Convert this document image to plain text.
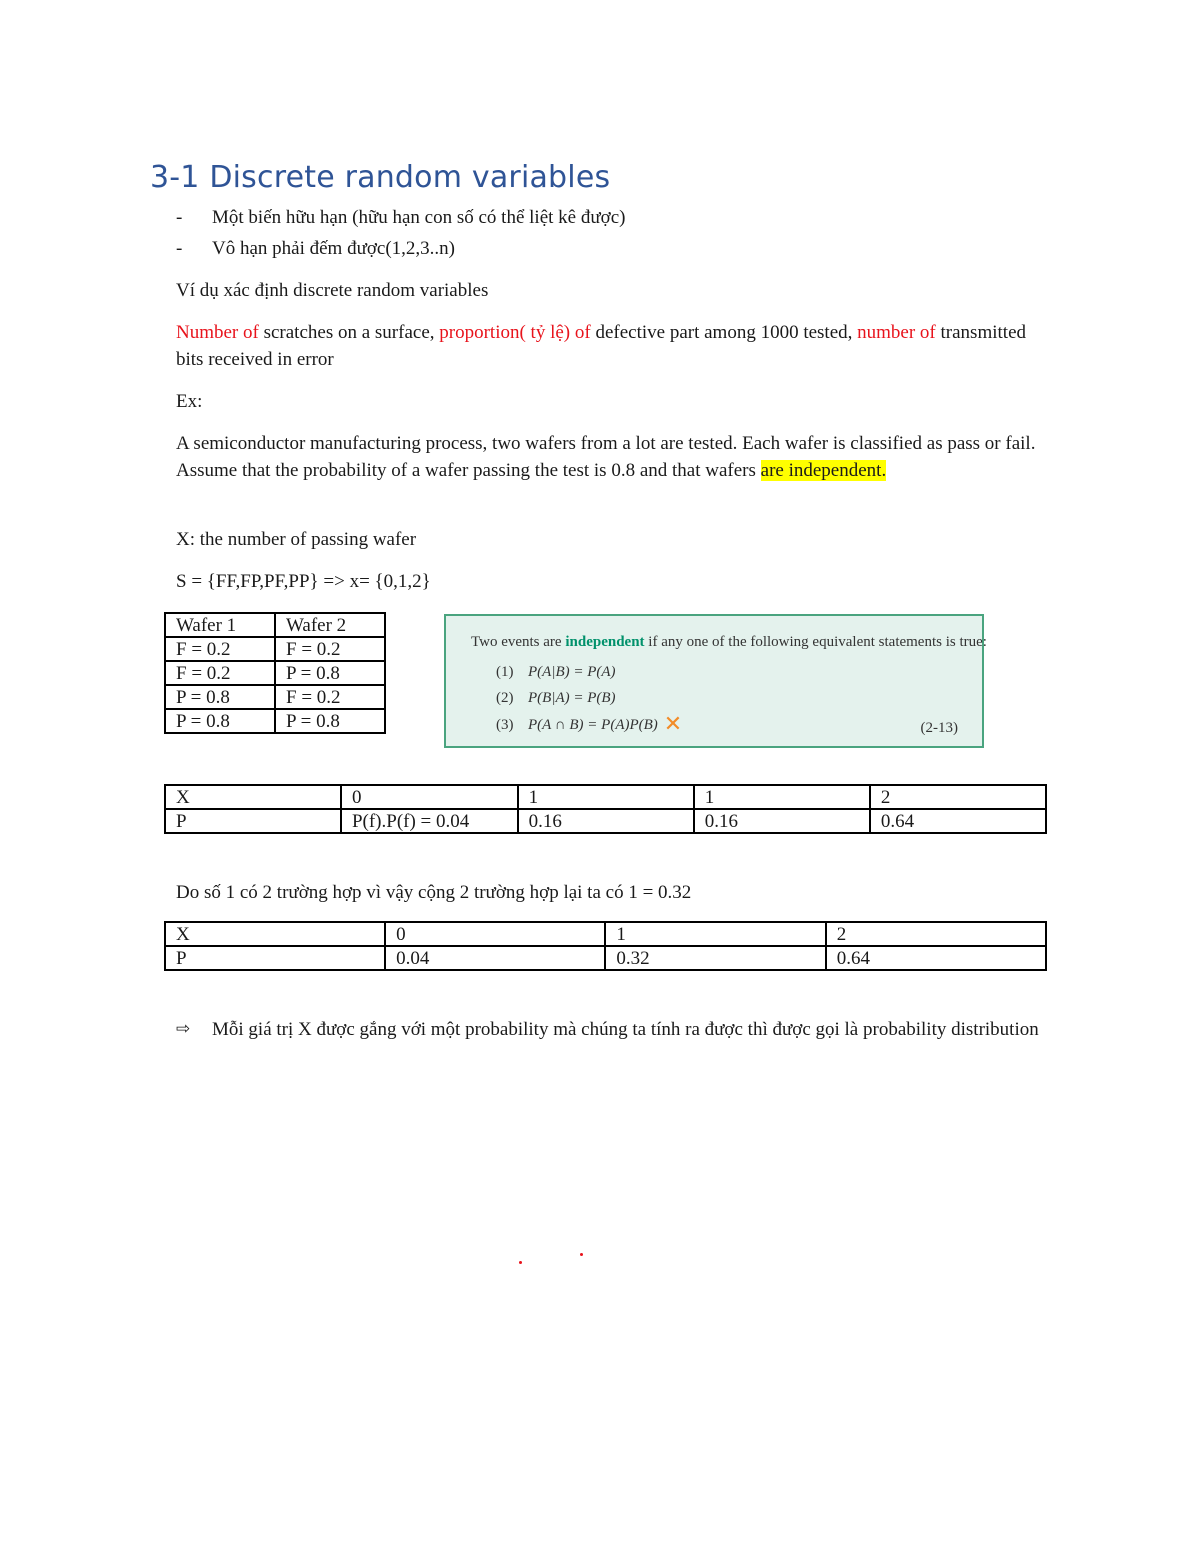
3-1 Discrete random variables
- Một biến hữu hạn (hữu hạn con số có thể liệt kê được)
- Vô hạn phải đếm được(1,2,3..n)

Ví dụ xác định discrete random variables

Number of scratches on a surface, proportion( tỷ lệ) of defective part among 1000 tested, number of transmitted bits received in error

Ex:

A semiconductor manufacturing process, two wafers from a lot are tested. Each wafer is classified as pass or fail. Assume that the probability of a wafer passing the test is 0.8 and that wafers are independent.

X: the number of passing wafer

S = {FF,FP,PF,PP} => x= {0,1,2}

Wafer 1	Wafer 2
F = 0.2	F = 0.2
F = 0.2	P = 0.8
P = 0.8	F = 0.2
P = 0.8	P = 0.8
Two events are independent if any one of the following equivalent statements is true:
(1) P(A|B) = P(A)
(2) P(B|A) = P(B)
(3) P(A ∩ B) = P(A)P(B) ✕	(2-13)
X	0	1	1	2
P	P(f).P(f) = 0.04	0.16	0.16	0.64

Do số 1 có 2 trường hợp vì vậy cộng 2 trường hợp lại ta có 1 = 0.32

X	0	1	2
P	0.04	0.32	0.64
⇨ Mỗi giá trị X được gắng với một probability mà chúng ta tính ra được thì được gọi là probability distribution
